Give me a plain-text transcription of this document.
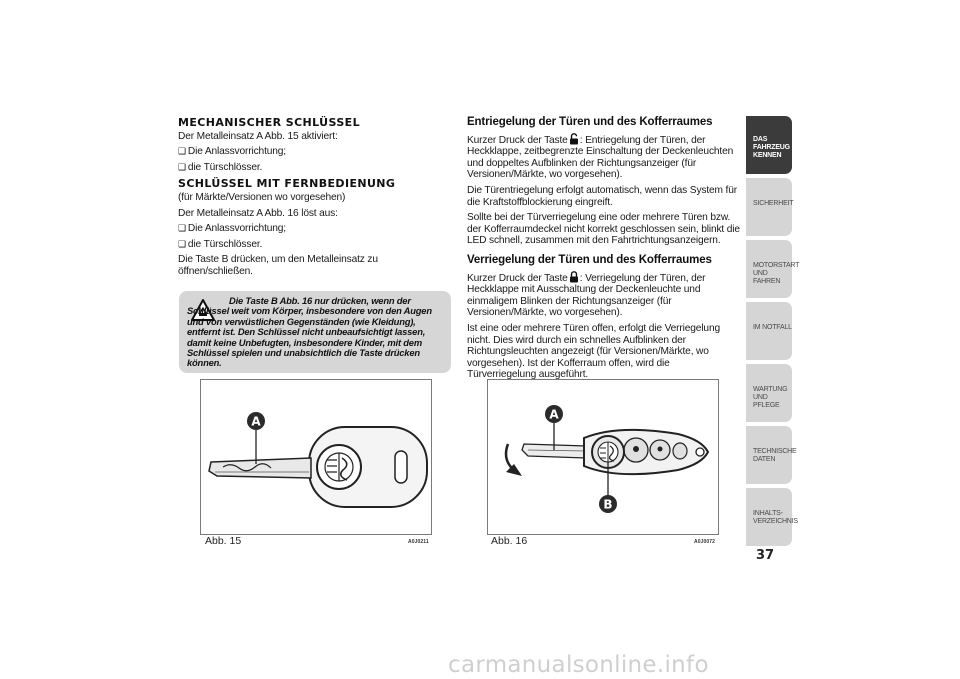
MECHANISCHER SCHLÜSSEL

Der Metalleinsatz A Abb. 15 aktiviert:

❑ Die Anlassvorrichtung;
❑ die Türschlösser.
SCHLÜSSEL MIT FERNBEDIENUNG

(für Märkte/Versionen wo vorgesehen)

Der Metalleinsatz A Abb. 16 löst aus:

❑ Die Anlassvorrichtung;
❑ die Türschlösser.

Die Taste B drücken, um den Metalleinsatz zu öffnen/schließen.

Die Taste B Abb. 16 nur drücken, wenn der Schlüssel weit vom Körper, insbesondere von den Augen und von verwüstlichen Gegenständen (wie Kleidung), entfernt ist. Den Schlüssel nicht unbeaufsichtigt lassen, damit keine Unbefugten, insbesondere Kinder, mit dem Schlüssel spielen und unabsichtlich die Taste drücken können.
A
Abb. 15	A0J0211
A
B
Abb. 16	A0J0072
Entriegelung der Türen und des Kofferraumes

Kurzer Druck der Taste : Entriegelung der Türen, der Heckklappe, zeitbegrenzte Einschaltung der Deckenleuchten und doppeltes Aufblinken der Richtungsanzeiger (für Versionen/Märkte, wo vorgesehen).

Die Türentriegelung erfolgt automatisch, wenn das System für die Kraftstoffblockierung eingreift.

Sollte bei der Türverriegelung eine oder mehrere Türen bzw. der Kofferraumdeckel nicht korrekt geschlossen sein, blinkt die LED schnell, zusammen mit den Fahrtrichtungsanzeigern.

Verriegelung der Türen und des Kofferraumes

Kurzer Druck der Taste : Verriegelung der Türen, der Heckklappe mit Ausschaltung der Deckenleuchte und einmaligem Blinken der Richtungsanzeiger (für Versionen/Märkte, wo vorgesehen).

Ist eine oder mehrere Türen offen, erfolgt die Verriegelung nicht. Dies wird durch ein schnelles Aufblinken der Richtungsleuchten angezeigt (für Versionen/Märkte, wo vorgesehen). Ist der Kofferraum offen, wird die Türverriegelung ausgeführt.

DAS FAHRZEUG KENNEN
SICHERHEIT
MOTORSTART UND FAHREN
IM NOTFALL
WARTUNG UND PFLEGE
TECHNISCHE DATEN
INHALTS- VERZEICHNIS
37
carmanualsonline.info
